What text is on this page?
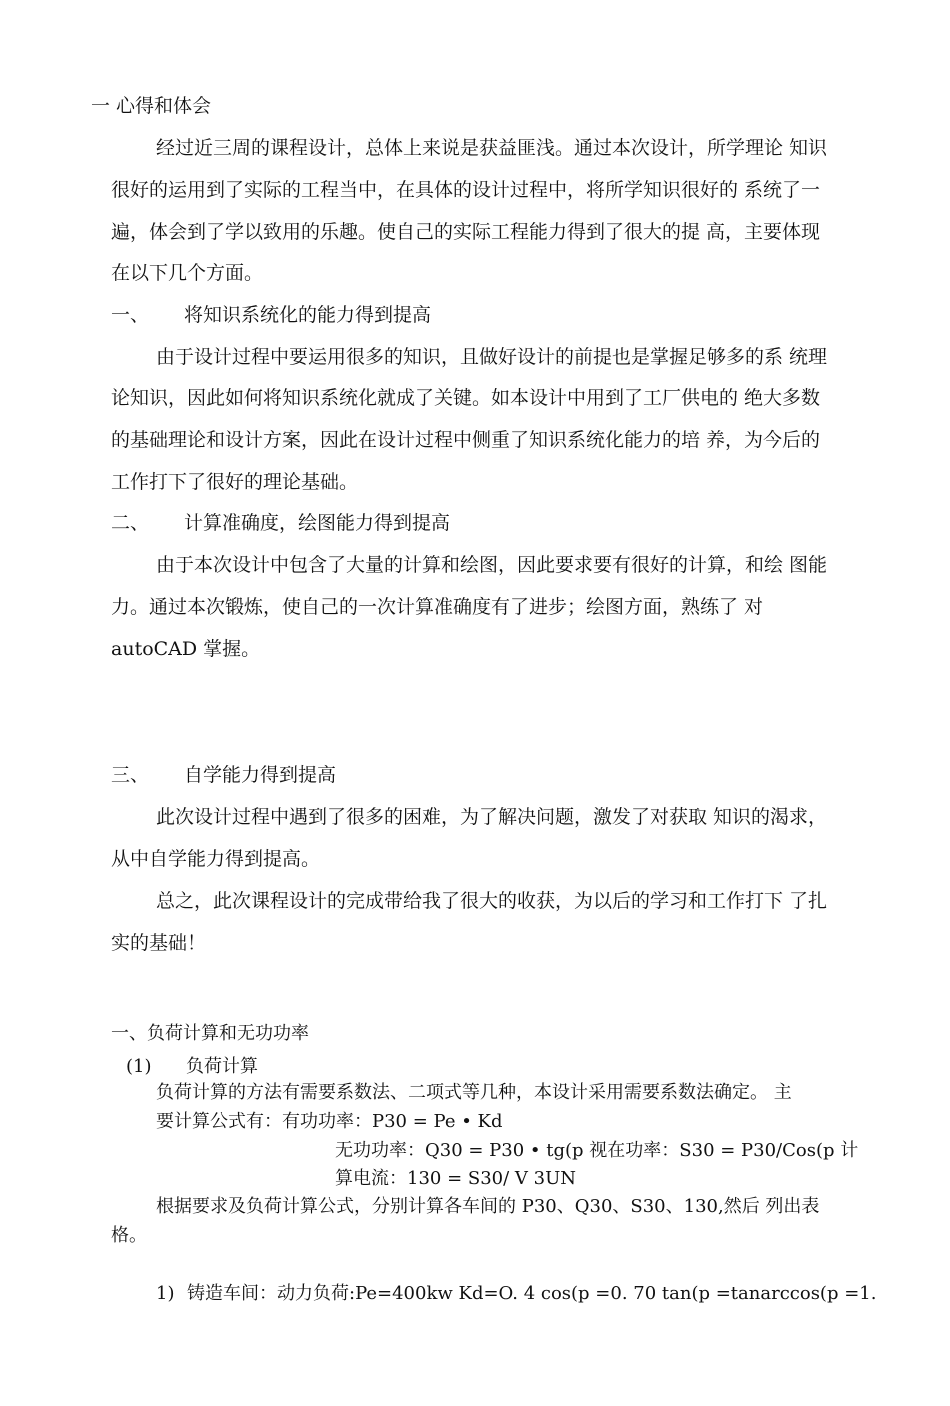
一 心得和体会
经过近三周的课程设计，总体上来说是获益匪浅。通过本次设计，所学理论 知识
很好的运用到了实际的工程当中，在具体的设计过程中，将所学知识很好的 系统了一
遍，体会到了学以致用的乐趣。使自己的实际工程能力得到了很大的提 高，主要体现
在以下几个方面。
一、 将知识系统化的能力得到提高
由于设计过程中要运用很多的知识，且做好设计的前提也是掌握足够多的系 统理
论知识，因此如何将知识系统化就成了关键。如本设计中用到了工厂供电的 绝大多数
的基础理论和设计方案，因此在设计过程中侧重了知识系统化能力的培 养，为今后的
工作打下了很好的理论基础。
二、 计算准确度，绘图能力得到提高
由于本次设计中包含了大量的计算和绘图，因此要求要有很好的计算，和绘 图能
力。通过本次锻炼，使自己的一次计算准确度有了进步；绘图方面，熟练了 对
autoCAD 掌握。
三、 自学能力得到提高
此次设计过程中遇到了很多的困难，为了解决问题，激发了对获取 知识的渴求，
从中自学能力得到提高。
总之，此次课程设计的完成带给我了很大的收获，为以后的学习和工作打下 了扎
实的基础！
一、负荷计算和无功功率
(1) 负荷计算
负荷计算的方法有需要系数法、二项式等几种，本设计采用需要系数法确定。 主
要计算公式有：有功功率：P30 = Pe • Kd
无功功率：Q30 = P30 • tg(p 视在功率：S30 = P30/Cos(p 计
算电流：130 = S30/ V 3UN
根据要求及负荷计算公式，分别计算各车间的 P30、Q30、S30、130,然后 列出表
格。
1) 铸造车间：动力负荷:Pe=400kw Kd=O. 4 cos(p =0. 70 tan(p =tanarccos(p =1.
